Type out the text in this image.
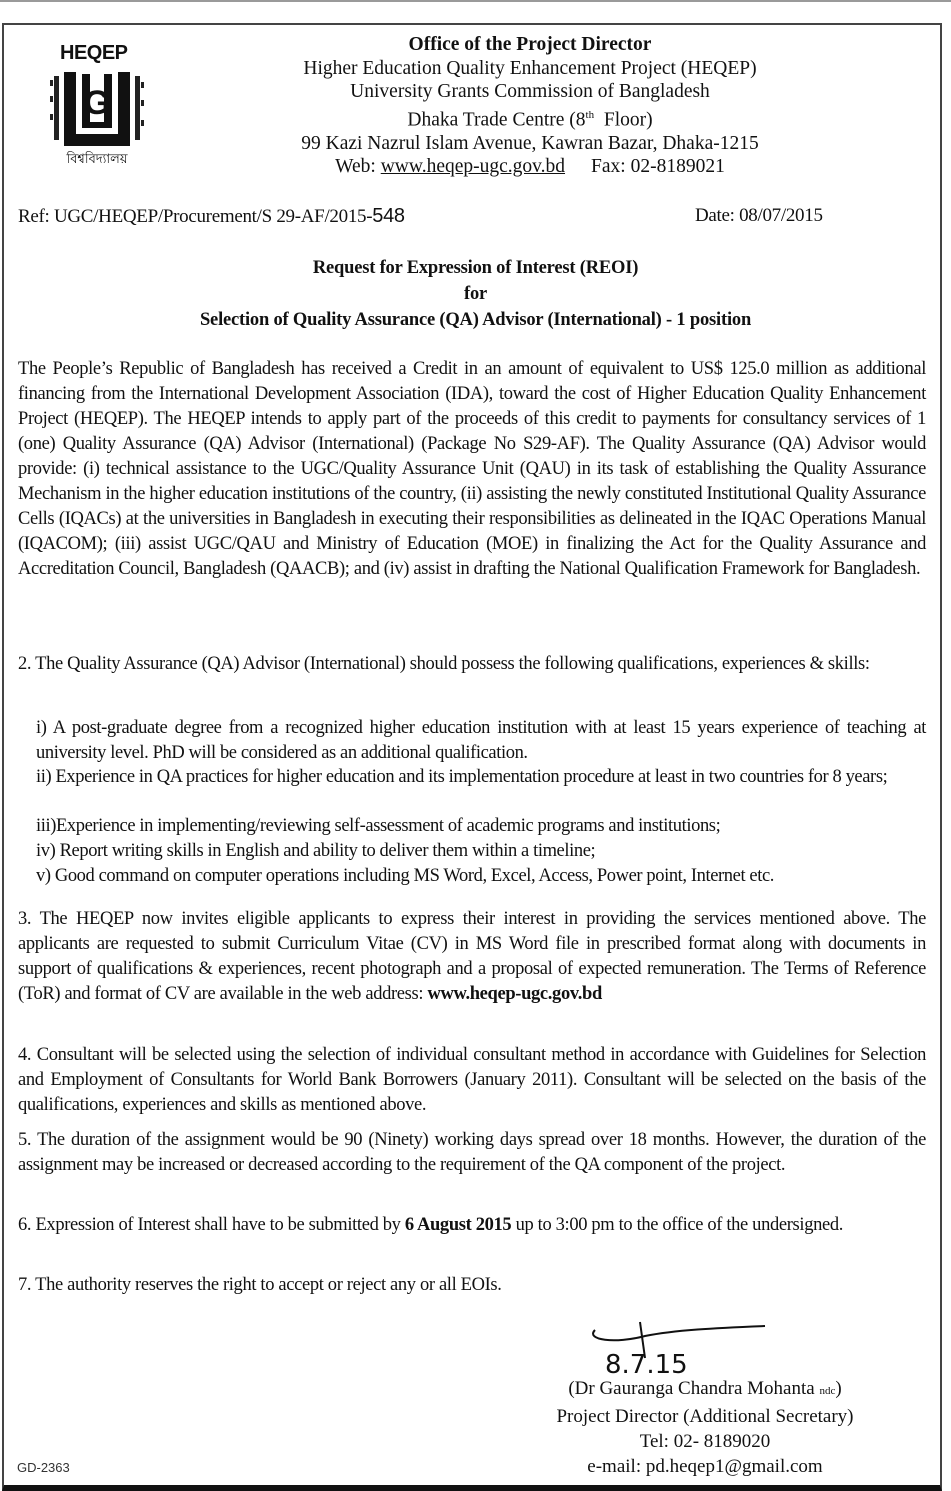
HEQEP
G
বিশ্ববিদ্যালয়
Office of the Project Director
Higher Education Quality Enhancement Project (HEQEP)
University Grants Commission of Bangladesh
Dhaka Trade Centre (8th  Floor)
99 Kazi Nazrul Islam Avenue, Kawran Bazar, Dhaka-1215
Web: www.heqep-ugc.gov.bd Fax: 02-8189021
Ref: UGC/HEQEP/Procurement/S 29-AF/2015-548	Date: 08/07/2015
Request for Expression of Interest (REOI)
for
Selection of Quality Assurance (QA) Advisor (International) - 1 position
The People’s Republic of Bangladesh has received a Credit in an amount of equivalent to US$ 125.0 million as additional financing from the International Development Association (IDA), toward the cost of Higher Education Quality Enhancement Project (HEQEP). The HEQEP intends to apply part of the proceeds of this credit to payments for consultancy services of 1 (one) Quality Assurance (QA) Advisor (International) (Package No S29-AF). The Quality Assurance (QA) Advisor would provide: (i) technical assistance to the UGC/Quality Assurance Unit (QAU) in its task of establishing the Quality Assurance Mechanism in the higher education institutions of the country, (ii) assisting the newly constituted Institutional Quality Assurance Cells (IQACs) at the universities in Bangladesh in executing their responsibilities as delineated in the IQAC Operations Manual (IQACOM); (iii) assist UGC/QAU and Ministry of Education (MOE) in finalizing the Act for the Quality Assurance and Accreditation Council, Bangladesh (QAACB); and (iv) assist in drafting the National Qualification Framework for Bangladesh.
2. The Quality Assurance (QA) Advisor (International) should possess the following qualifications, experiences & skills:
i) A post-graduate degree from a recognized higher education institution with at least 15 years experience of teaching at university level. PhD will be considered as an additional qualification.
ii) Experience in QA practices for higher education and its implementation procedure at least in two countries for 8 years;
iii)Experience in implementing/reviewing self-assessment of academic programs and institutions;
iv) Report writing skills in English and ability to deliver them within a timeline;
v) Good command on computer operations including MS Word, Excel, Access, Power point, Internet etc.
3. The HEQEP now invites eligible applicants to express their interest in providing the services mentioned above. The applicants are requested to submit Curriculum Vitae (CV) in MS Word file in prescribed format along with documents in support of qualifications & experiences, recent photograph and a proposal of expected remuneration. The Terms of Reference (ToR) and format of CV are available in the web address: www.heqep-ugc.gov.bd
4. Consultant will be selected using the selection of individual consultant method in accordance with Guidelines for Selection and Employment of Consultants for World Bank Borrowers (January 2011). Consultant will be selected on the basis of the qualifications, experiences and skills as mentioned above.
5. The duration of the assignment would be 90 (Ninety) working days spread over 18 months. However, the duration of the assignment may be increased or decreased according to the requirement of the QA component of the project.
6. Expression of Interest shall have to be submitted by 6 August 2015 up to 3:00 pm to the office of the undersigned.
7. The authority reserves the right to accept or reject any or all EOIs.
8.7.15
(Dr Gauranga Chandra Mohanta ndc)
Project Director (Additional Secretary)
Tel: 02- 8189020
e-mail: pd.heqep1@gmail.com
GD-2363
